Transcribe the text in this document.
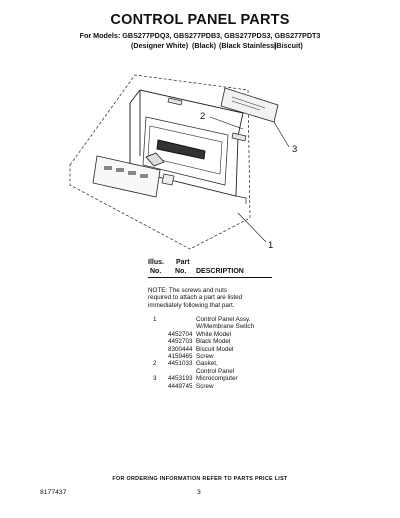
CONTROL PANEL PARTS
For Models: GBS277PDQ3, GBS277PDB3, GBS277PDS3, GBS277PDT3
(Designer White) (Black) (Black Stainless)
(Biscuit)
2
3
1
Illus.
No.
Part
No. DESCRIPTION
NOTE: The screws and nuts required to attach a part are listed immediately following that part.
1	Control Panel Assy.
W/Membrane Switch
4452704 White Model
4452703 Black Model
8300444 Biscuit Model
4159465 Screw
2 4451033 Gasket,
Control Panel
3 4453193 Microcomputer
4449745 Screw
FOR ORDERING INFORMATION REFER TO PARTS PRICE LIST
8177437	3
